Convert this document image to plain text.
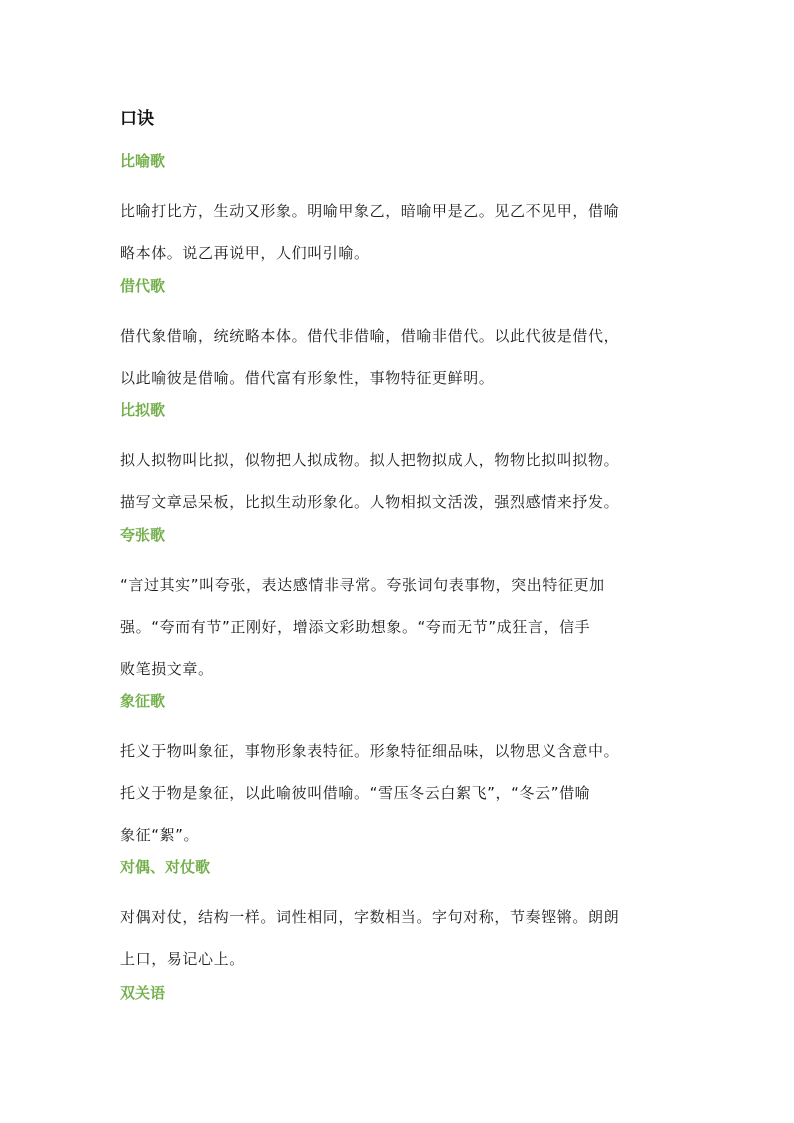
口诀
比喻歌
比喻打比方，生动又形象。明喻甲象乙，暗喻甲是乙。见乙不见甲，借喻
略本体。说乙再说甲，人们叫引喻。
借代歌
借代象借喻，统统略本体。借代非借喻，借喻非借代。以此代彼是借代，
以此喻彼是借喻。借代富有形象性，事物特征更鲜明。
比拟歌
拟人拟物叫比拟，似物把人拟成物。拟人把物拟成人，物物比拟叫拟物。
描写文章忌呆板，比拟生动形象化。人物相拟文活泼，强烈感情来抒发。
夸张歌
“言过其实”叫夸张，表达感情非寻常。夸张词句表事物，突出特征更加
强。“夸而有节”正刚好，增添文彩助想象。“夸而无节”成狂言，信手
败笔损文章。
象征歌
托义于物叫象征，事物形象表特征。形象特征细品味，以物思义含意中。
托义于物是象征，以此喻彼叫借喻。“雪压冬云白絮飞”，“冬云”借喻
象征“絮”。
对偶、对仗歌
对偶对仗，结构一样。词性相同，字数相当。字句对称，节奏铿锵。朗朗
上口，易记心上。
双关语
